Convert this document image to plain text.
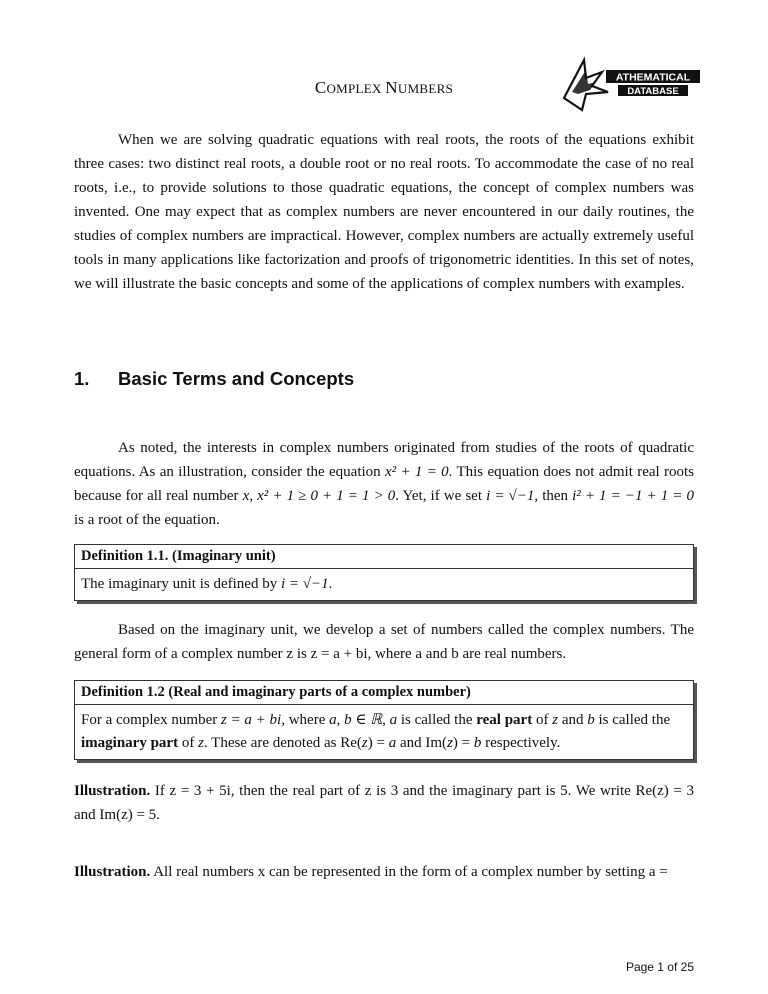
COMPLEX NUMBERS
ATHEMATICAL
DATABASE
When we are solving quadratic equations with real roots, the roots of the equations exhibit three cases: two distinct real roots, a double root or no real roots. To accommodate the case of no real roots, i.e., to provide solutions to those quadratic equations, the concept of complex numbers was invented. One may expect that as complex numbers are never encountered in our daily routines, the studies of complex numbers are impractical. However, complex numbers are actually extremely useful tools in many applications like factorization and proofs of trigonometric identities. In this set of notes, we will illustrate the basic concepts and some of the applications of complex numbers with examples.
1. Basic Terms and Concepts
As noted, the interests in complex numbers originated from studies of the roots of quadratic equations. As an illustration, consider the equation x² + 1 = 0. This equation does not admit real roots because for all real number x, x² + 1 ≥ 0 + 1 = 1 > 0. Yet, if we set i = √−1, then i² + 1 = −1 + 1 = 0 is a root of the equation.
Definition 1.1. (Imaginary unit)
The imaginary unit is defined by i = √−1.
Based on the imaginary unit, we develop a set of numbers called the complex numbers. The general form of a complex number z is z = a + bi, where a and b are real numbers.
Definition 1.2 (Real and imaginary parts of a complex number)
For a complex number z = a + bi, where a, b ∈ ℝ, a is called the real part of z and b is called the imaginary part of z. These are denoted as Re(z) = a and Im(z) = b respectively.
Illustration. If z = 3 + 5i, then the real part of z is 3 and the imaginary part is 5. We write Re(z) = 3 and Im(z) = 5.
Illustration. All real numbers x can be represented in the form of a complex number by setting a =
Page 1 of 25
